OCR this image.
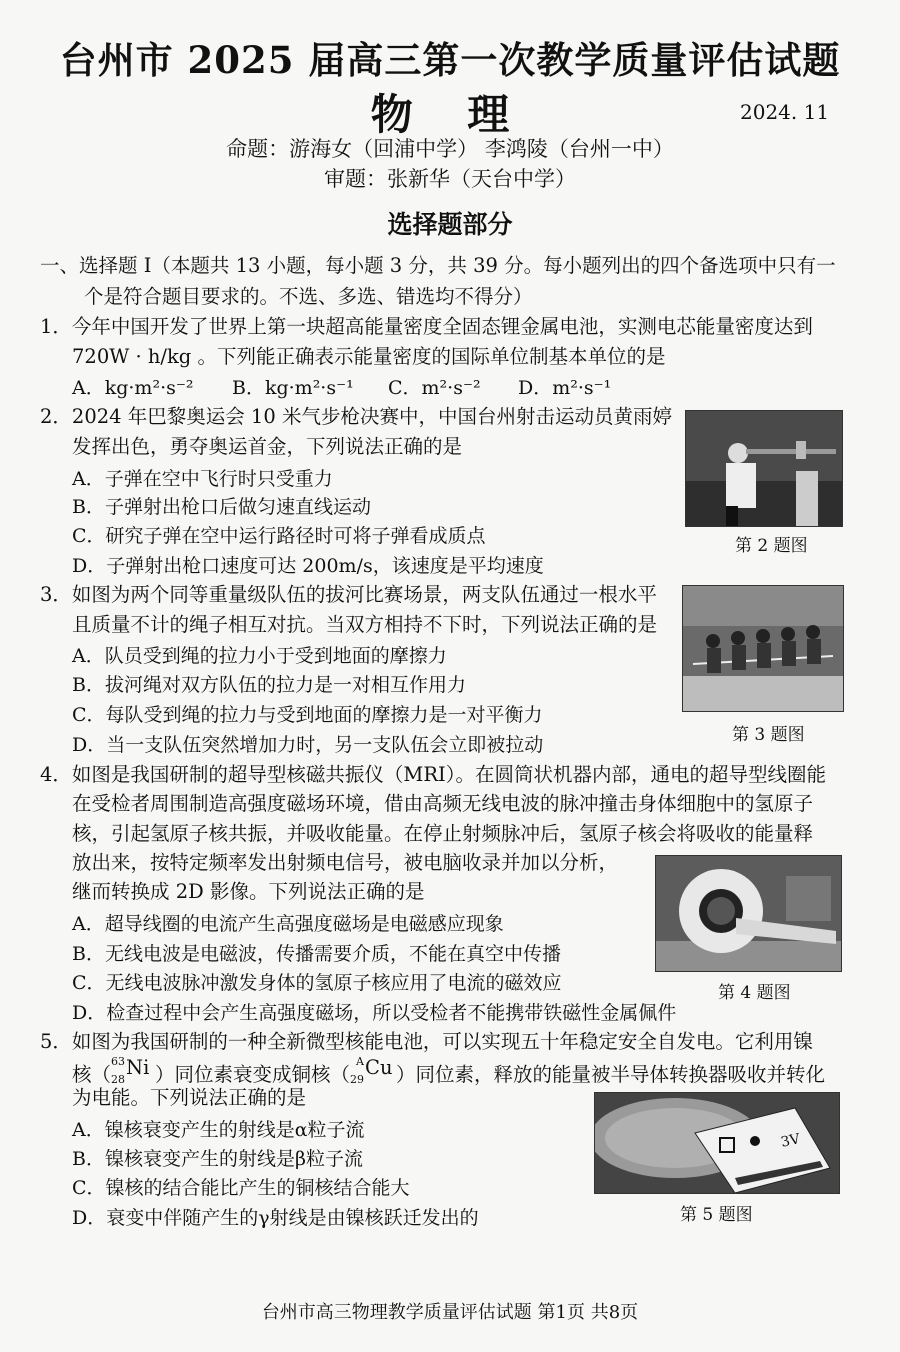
台州市 2025 届高三第一次教学质量评估试题
物 理	2024. 11
命题：游海女（回浦中学） 李鸿陵（台州一中）
审题：张新华（天台中学）
选择题部分
一、选择题 I（本题共 13 小题，每小题 3 分，共 39 分。每小题列出的四个备选项中只有一
个是符合题目要求的。不选、多选、错选均不得分）
1．今年中国开发了世界上第一块超高能量密度全固态锂金属电池，实测电芯能量密度达到
720W · h/kg 。下列能正确表示能量密度的国际单位制基本单位的是
A．kg·m²·s⁻² B．kg·m²·s⁻¹ C．m²·s⁻² D．m²·s⁻¹
2．2024 年巴黎奥运会 10 米气步枪决赛中，中国台州射击运动员黄雨婷
发挥出色，勇夺奥运首金，下列说法正确的是
A．子弹在空中飞行时只受重力
B．子弹射出枪口后做匀速直线运动
C．研究子弹在空中运行路径时可将子弹看成质点
D．子弹射出枪口速度可达 200m/s，该速度是平均速度
第 2 题图
3．如图为两个同等重量级队伍的拔河比赛场景，两支队伍通过一根水平
且质量不计的绳子相互对抗。当双方相持不下时，下列说法正确的是
A．队员受到绳的拉力小于受到地面的摩擦力
B．拔河绳对双方队伍的拉力是一对相互作用力
C．每队受到绳的拉力与受到地面的摩擦力是一对平衡力
D．当一支队伍突然增加力时，另一支队伍会立即被拉动	第 3 题图
4．如图是我国研制的超导型核磁共振仪（MRI）。在圆筒状机器内部，通电的超导型线圈能
在受检者周围制造高强度磁场环境，借由高频无线电波的脉冲撞击身体细胞中的氢原子
核，引起氢原子核共振，并吸收能量。在停止射频脉冲后，氢原子核会将吸收的能量释
放出来，按特定频率发出射频电信号，被电脑收录并加以分析，
继而转换成 2D 影像。下列说法正确的是
A．超导线圈的电流产生高强度磁场是电磁感应现象
B．无线电波是电磁波，传播需要介质，不能在真空中传播
C．无线电波脉冲激发身体的氢原子核应用了电流的磁效应
D．检查过程中会产生高强度磁场，所以受检者不能携带铁磁性金属佩件
第 4 题图
5．如图为我国研制的一种全新微型核能电池，可以实现五十年稳定安全自发电。它利用镍
核（
63
28
Ni ）同位素衰变成铜核（
A
29
Cu ）同位素，释放的能量被半导体转换器吸收并转化
为电能。下列说法正确的是
A．镍核衰变产生的射线是α粒子流
B．镍核衰变产生的射线是β粒子流
C．镍核的结合能比产生的铜核结合能大
D．衰变中伴随产生的γ射线是由镍核跃迁发出的
3V
第 5 题图
台州市高三物理教学质量评估试题 第1页 共8页
